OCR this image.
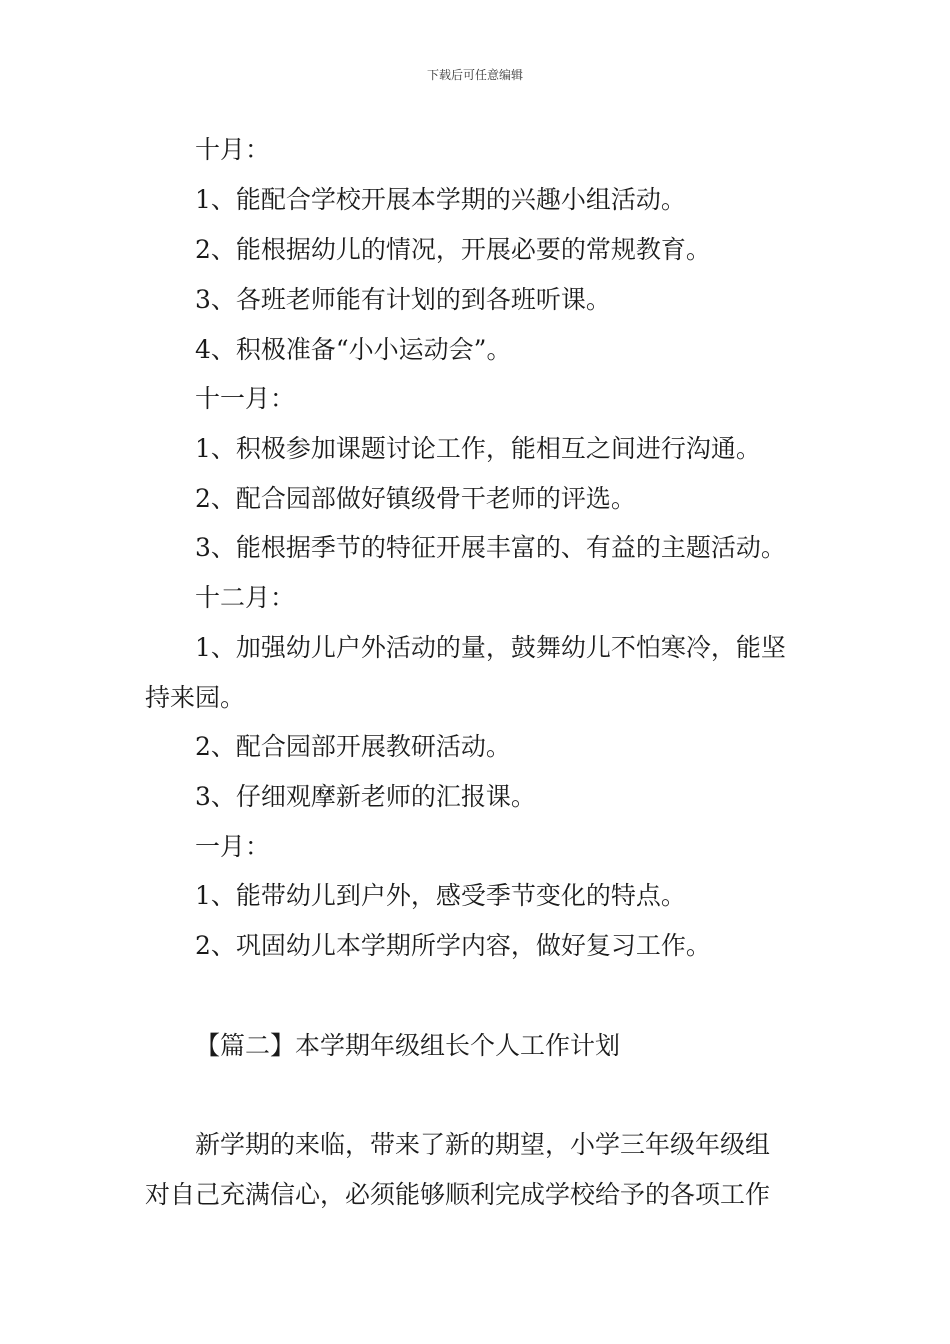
下载后可任意编辑
十月：
1、能配合学校开展本学期的兴趣小组活动。
2、能根据幼儿的情况，开展必要的常规教育。
3、各班老师能有计划的到各班听课。
4、积极准备“小小运动会”。
十一月：
1、积极参加课题讨论工作，能相互之间进行沟通。
2、配合园部做好镇级骨干老师的评选。
3、能根据季节的特征开展丰富的、有益的主题活动。
十二月：
1、加强幼儿户外活动的量，鼓舞幼儿不怕寒冷，能坚
持来园。
2、配合园部开展教研活动。
3、仔细观摩新老师的汇报课。
一月：
1、能带幼儿到户外，感受季节变化的特点。
2、巩固幼儿本学期所学内容，做好复习工作。
【篇二】本学期年级组长个人工作计划
新学期的来临，带来了新的期望，小学三年级年级组
对自己充满信心，必须能够顺利完成学校给予的各项工作
